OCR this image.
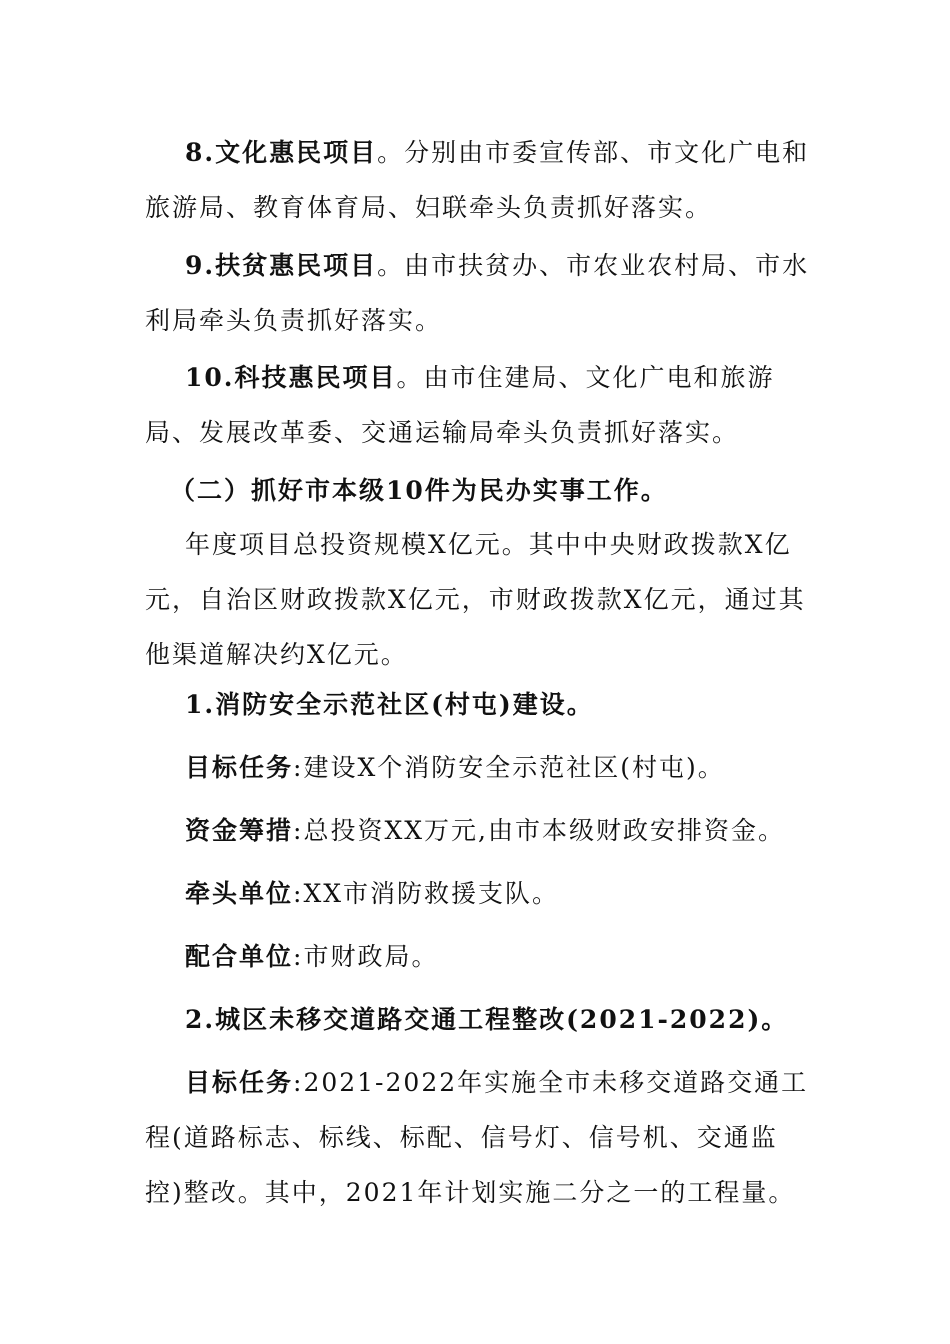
8.文化惠民项目。分别由市委宣传部、市文化广电和旅游局、教育体育局、妇联牵头负责抓好落实。

9.扶贫惠民项目。由市扶贫办、市农业农村局、市水利局牵头负责抓好落实。

10.科技惠民项目。由市住建局、文化广电和旅游局、发展改革委、交通运输局牵头负责抓好落实。

（二）抓好市本级10件为民办实事工作。

年度项目总投资规模X亿元。其中中央财政拨款X亿元，自治区财政拨款X亿元，市财政拨款X亿元，通过其他渠道解决约X亿元。

1.消防安全示范社区(村屯)建设。

目标任务:建设X个消防安全示范社区(村屯)。

资金筹措:总投资XX万元,由市本级财政安排资金。

牵头单位:XX市消防救援支队。

配合单位:市财政局。

2.城区未移交道路交通工程整改(2021-2022)。

目标任务:2021-2022年实施全市未移交道路交通工程(道路标志、标线、标配、信号灯、信号机、交通监控)整改。其中，2021年计划实施二分之一的工程量。
